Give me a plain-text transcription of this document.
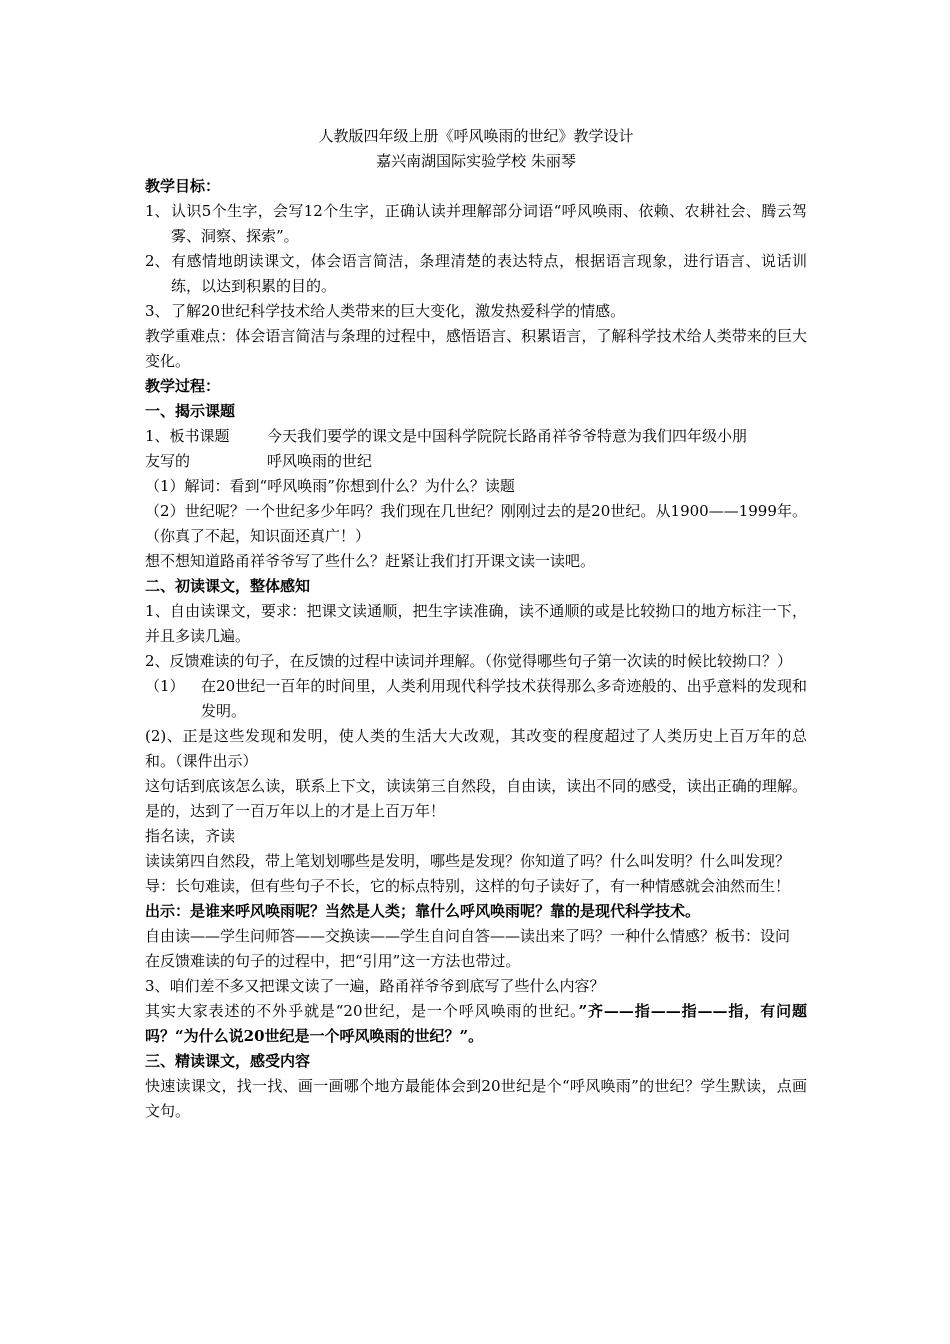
人教版四年级上册《呼风唤雨的世纪》教学设计
嘉兴南湖国际实验学校 朱丽琴
教学目标：
1、 认识5个生字，会写12个生字，正确认读并理解部分词语“呼风唤雨、依赖、农耕社会、腾云驾雾、洞察、探索”。
2、 有感情地朗读课文，体会语言简洁，条理清楚的表达特点，根据语言现象，进行语言、说话训练，以达到积累的目的。
3、 了解20世纪科学技术给人类带来的巨大变化，激发热爱科学的情感。
教学重难点：体会语言简洁与条理的过程中，感悟语言、积累语言，了解科学技术给人类带来的巨大变化。
教学过程：
一、揭示课题
1、板书课题	今天我们要学的课文是中国科学院院长路甬祥爷爷特意为我们四年级小朋
友写的	呼风唤雨的世纪
（1）解词：看到“呼风唤雨”你想到什么？为什么？读题
（2）世纪呢？一个世纪多少年吗？我们现在几世纪？刚刚过去的是20世纪。从1900——1999年。（你真了不起，知识面还真广！）
想不想知道路甬祥爷爷写了些什么？赶紧让我们打开课文读一读吧。
二、初读课文，整体感知
1、自由读课文，要求：把课文读通顺，把生字读准确，读不通顺的或是比较拗口的地方标注一下，并且多读几遍。
2、反馈难读的句子，在反馈的过程中读词并理解。（你觉得哪些句子第一次读的时候比较拗口？）
（1）	在20世纪一百年的时间里，人类利用现代科学技术获得那么多奇迹般的、出乎意料的发现和发明。
(2)、正是这些发现和发明，使人类的生活大大改观，其改变的程度超过了人类历史上百万年的总和。（课件出示）
这句话到底该怎么读，联系上下文，读读第三自然段，自由读，读出不同的感受，读出正确的理解。是的，达到了一百万年以上的才是上百万年！
指名读，齐读
读读第四自然段，带上笔划划哪些是发明，哪些是发现？你知道了吗？什么叫发明？什么叫发现？
导：长句难读，但有些句子不长，它的标点特别，这样的句子读好了，有一种情感就会油然而生！
出示：是谁来呼风唤雨呢？当然是人类；靠什么呼风唤雨呢？靠的是现代科学技术。
自由读——学生问师答——交换读——学生自问自答——读出来了吗？一种什么情感？板书：设问
在反馈难读的句子的过程中，把“引用”这一方法也带过。
3、咱们差不多又把课文读了一遍，路甬祥爷爷到底写了些什么内容？
其实大家表述的不外乎就是“20世纪，是一个呼风唤雨的世纪。”齐——指——指——指，有问题吗？“为什么说20世纪是一个呼风唤雨的世纪？”。
三、精读课文，感受内容
快速读课文，找一找、画一画哪个地方最能体会到20世纪是个“呼风唤雨”的世纪？学生默读，点画文句。
